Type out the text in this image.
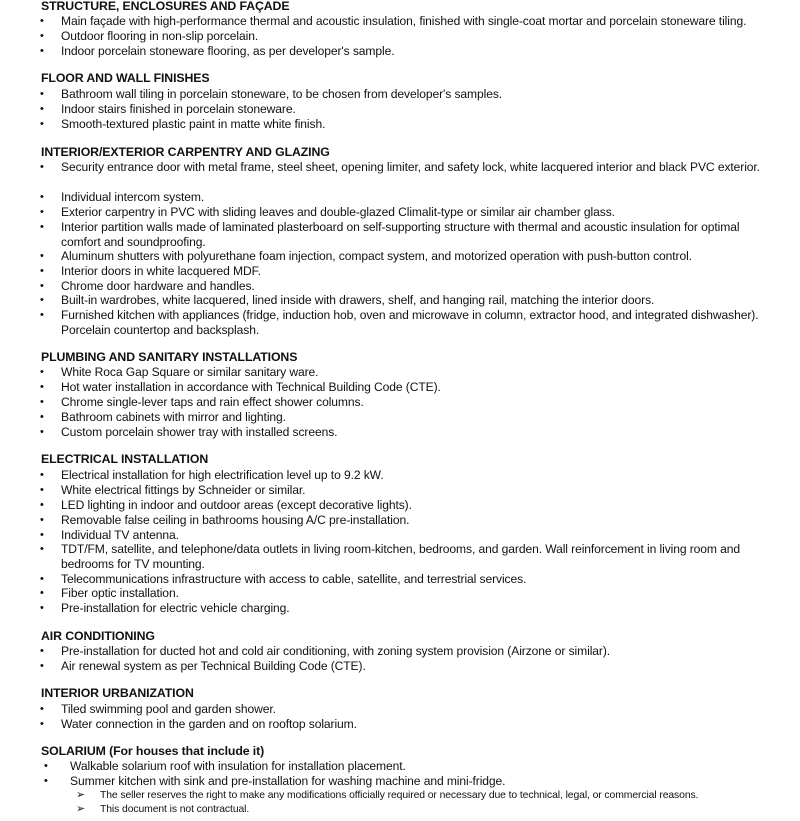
STRUCTURE, ENCLOSURES AND FAÇADE
• Main façade with high-performance thermal and acoustic insulation, finished with single-coat mortar and porcelain stoneware tiling.
• Outdoor flooring in non-slip porcelain.
• Indoor porcelain stoneware flooring, as per developer's sample.
FLOOR AND WALL FINISHES
• Bathroom wall tiling in porcelain stoneware, to be chosen from developer's samples.
• Indoor stairs finished in porcelain stoneware.
• Smooth-textured plastic paint in matte white finish.
INTERIOR/EXTERIOR CARPENTRY AND GLAZING
• Security entrance door with metal frame, steel sheet, opening limiter, and safety lock, white lacquered interior and black PVC exterior.
• Individual intercom system.
• Exterior carpentry in PVC with sliding leaves and double-glazed Climalit-type or similar air chamber glass.
• Interior partition walls made of laminated plasterboard on self-supporting structure with thermal and acoustic insulation for optimal comfort and soundproofing.
• Aluminum shutters with polyurethane foam injection, compact system, and motorized operation with push-button control.
• Interior doors in white lacquered MDF.
• Chrome door hardware and handles.
• Built-in wardrobes, white lacquered, lined inside with drawers, shelf, and hanging rail, matching the interior doors.
• Furnished kitchen with appliances (fridge, induction hob, oven and microwave in column, extractor hood, and integrated dishwasher). Porcelain countertop and backsplash.
PLUMBING AND SANITARY INSTALLATIONS
• White Roca Gap Square or similar sanitary ware.
• Hot water installation in accordance with Technical Building Code (CTE).
• Chrome single-lever taps and rain effect shower columns.
• Bathroom cabinets with mirror and lighting.
• Custom porcelain shower tray with installed screens.
ELECTRICAL INSTALLATION
• Electrical installation for high electrification level up to 9.2 kW.
• White electrical fittings by Schneider or similar.
• LED lighting in indoor and outdoor areas (except decorative lights).
• Removable false ceiling in bathrooms housing A/C pre-installation.
• Individual TV antenna.
• TDT/FM, satellite, and telephone/data outlets in living room-kitchen, bedrooms, and garden. Wall reinforcement in living room and bedrooms for TV mounting.
• Telecommunications infrastructure with access to cable, satellite, and terrestrial services.
• Fiber optic installation.
• Pre-installation for electric vehicle charging.
AIR CONDITIONING
• Pre-installation for ducted hot and cold air conditioning, with zoning system provision (Airzone or similar).
• Air renewal system as per Technical Building Code (CTE).
INTERIOR URBANIZATION
• Tiled swimming pool and garden shower.
• Water connection in the garden and on rooftop solarium.
SOLARIUM (For houses that include it)
• Walkable solarium roof with insulation for installation placement.
• Summer kitchen with sink and pre-installation for washing machine and mini-fridge.
➢ The seller reserves the right to make any modifications officially required or necessary due to technical, legal, or commercial reasons.
➢ This document is not contractual.
